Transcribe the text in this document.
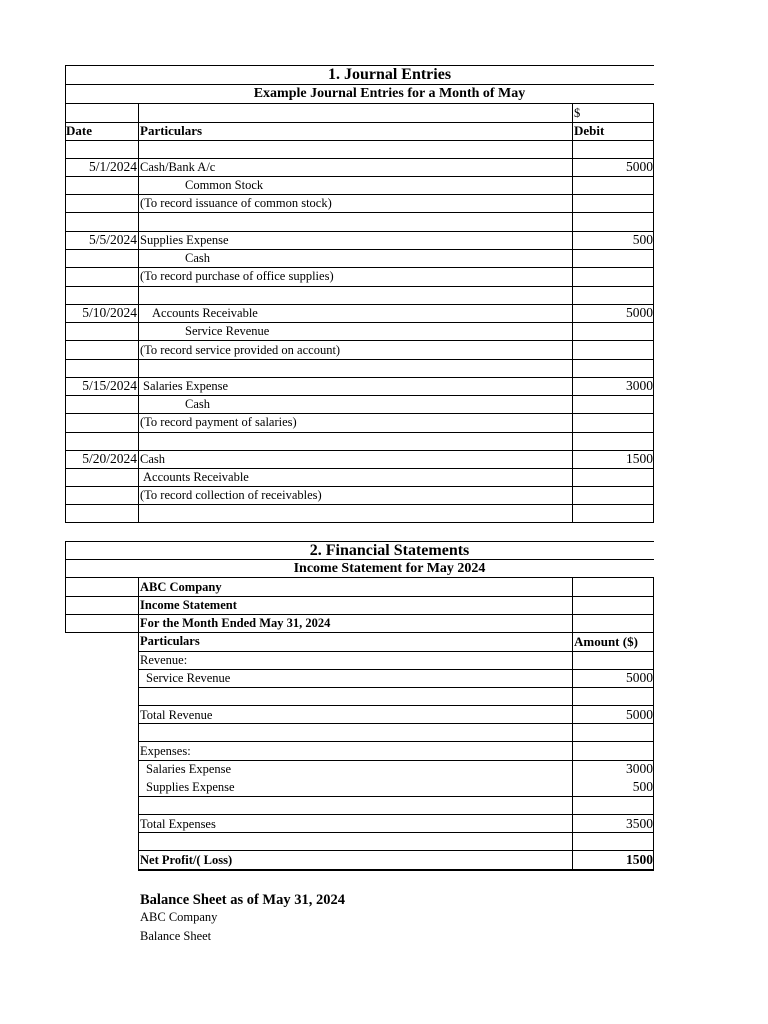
1. Journal Entries
Example Journal Entries for a Month of May
$
Date	Particulars	Debit
5/1/2024 Cash/Bank A/c	5000
Common Stock
(To record issuance of common stock)
5/5/2024 Supplies Expense	500
Cash
(To record purchase of office supplies)
5/10/2024 Accounts Receivable	5000
Service Revenue
(To record service provided on account)
5/15/2024 Salaries Expense	3000
Cash
(To record payment of salaries)
5/20/2024 Cash	1500
Accounts Receivable
(To record collection of receivables)
2. Financial Statements
Income Statement for May 2024
ABC Company
Income Statement
For the Month Ended May 31, 2024
Particulars	Amount ($)
Revenue:
Service Revenue	5000
Total Revenue	5000
Expenses:
Salaries Expense	3000
Supplies Expense	500
Total Expenses	3500
Net Profit/( Loss)	1500
Balance Sheet as of May 31, 2024
ABC Company
Balance Sheet
